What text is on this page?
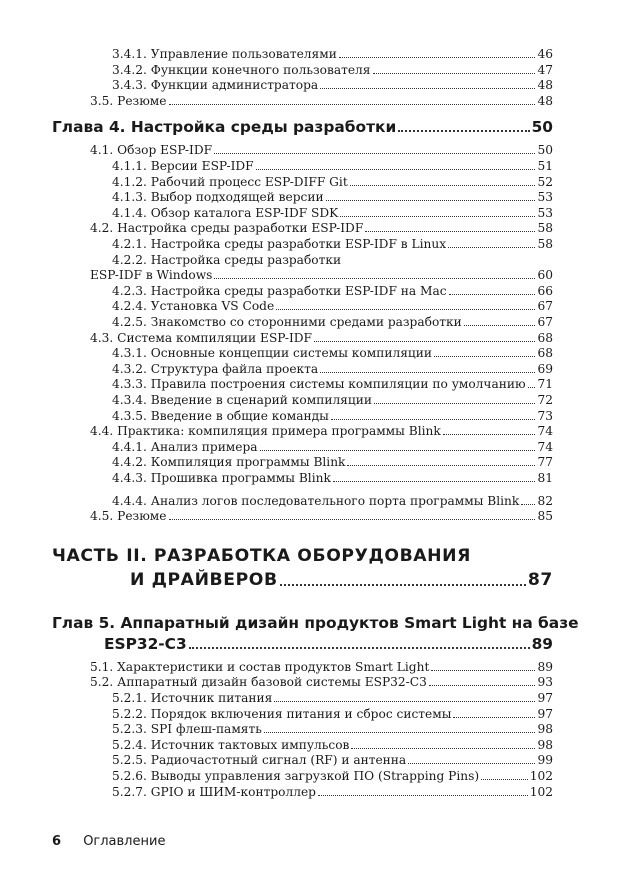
3.4.1. Управление пользователями	46
3.4.2. Функции конечного пользователя	47
3.4.3. Функции администратора	48
3.5. Резюме	48
Глава 4. Настройка среды разработки	50
4.1. Обзор ESP-IDF	50
4.1.1. Версии ESP-IDF	51
4.1.2. Рабочий процесс ESP-DIFF Git	52
4.1.3. Выбор подходящей версии	53
4.1.4. Обзор каталога ESP-IDF SDK	53
4.2. Настройка среды разработки ESP-IDF	58
4.2.1. Настройка среды разработки ESP-IDF в Linux	58
4.2.2. Настройка среды разработки
ESP-IDF в Windows	60
4.2.3. Настройка среды разработки ESP-IDF на Mac	66
4.2.4. Установка VS Code	67
4.2.5. Знакомство со сторонними средами разработки	67
4.3. Система компиляции ESP-IDF	68
4.3.1. Основные концепции системы компиляции	68
4.3.2. Структура файла проекта	69
4.3.3. Правила построения системы компиляции по умолчанию 71
4.3.4. Введение в сценарий компиляции	72
4.3.5. Введение в общие команды	73
4.4. Практика: компиляция примера программы Blink	74
4.4.1. Анализ примера	74
4.4.2. Компиляция программы Blink	77
4.4.3. Прошивка программы Blink	81
4.4.4. Анализ логов последовательного порта программы Blink 82
4.5. Резюме	85
ЧАСТЬ II. РАЗРАБОТКА ОБОРУДОВАНИЯ
И ДРАЙВЕРОВ	87
Глав 5. Аппаратный дизайн продуктов Smart Light на базе
ESP32-C3	89
5.1. Характеристики и состав продуктов Smart Light	89
5.2. Аппаратный дизайн базовой системы ESP32-C3	93
5.2.1. Источник питания	97
5.2.2. Порядок включения питания и сброс системы	97
5.2.3. SPI флеш-память	98
5.2.4. Источник тактовых импульсов	98
5.2.5. Радиочастотный сигнал (RF) и антенна	99
5.2.6. Выводы управления загрузкой ПО (Strapping Pins)	102
5.2.7. GPIO и ШИМ-контроллер	102
6 Оглавление
